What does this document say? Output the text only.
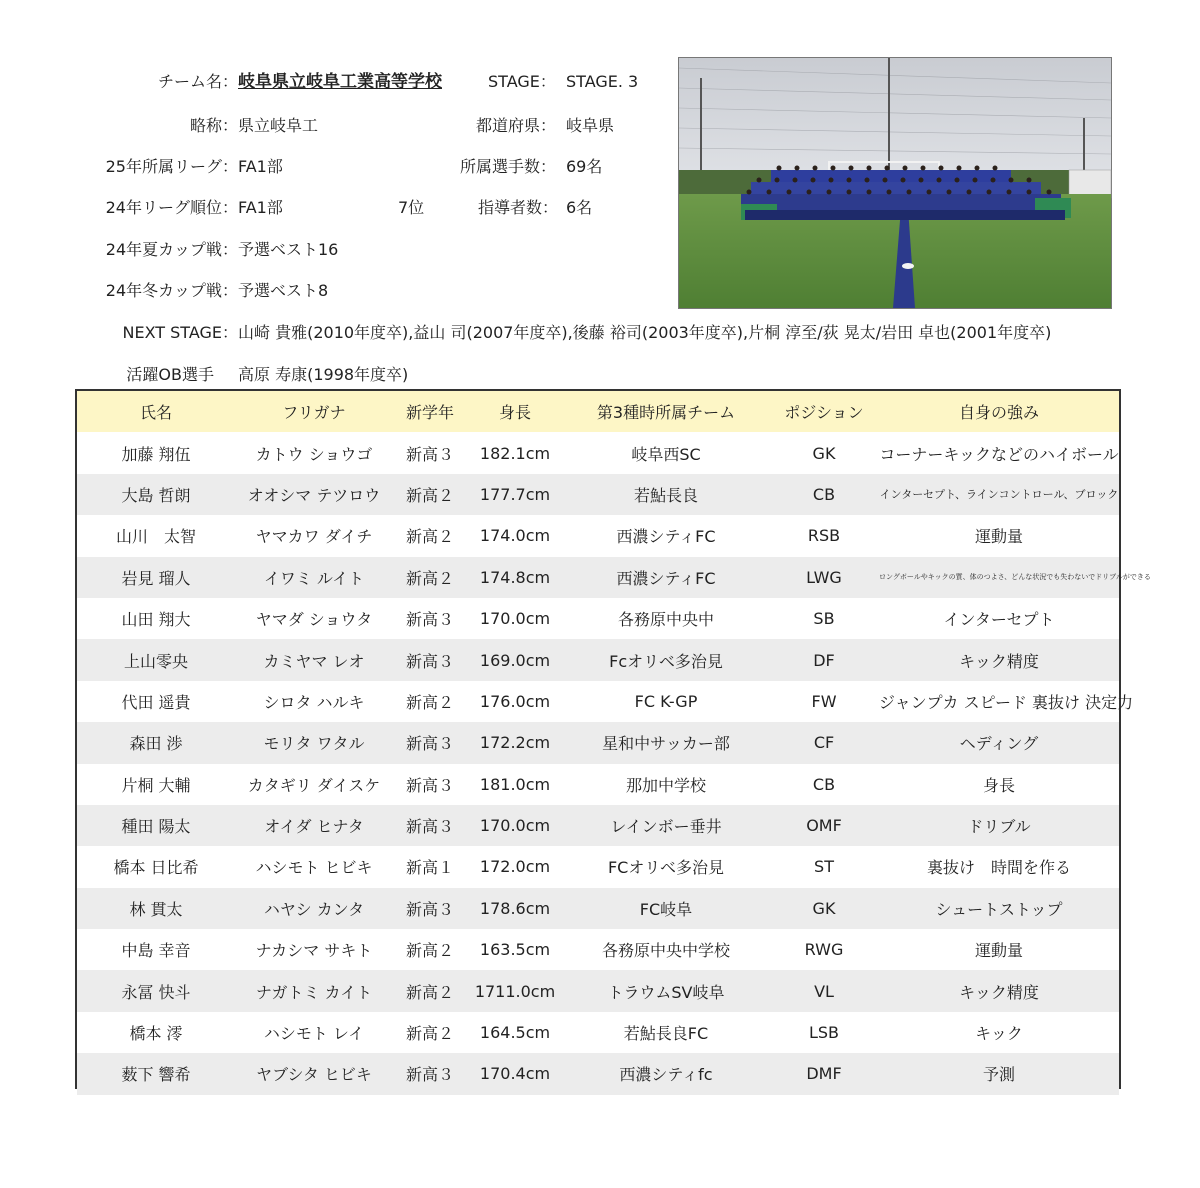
チーム名： 岐阜県立岐阜工業高等学校	STAGE： STAGE. 3
略称： 県立岐阜工	都道府県： 岐阜県
25年所属リーグ： FA1部	所属選手数： 69名
24年リーグ順位： FA1部	7位	指導者数： 6名
24年夏カップ戦： 予選ベスト16
24年冬カップ戦： 予選ベスト8
NEXT STAGE： 山崎 貴雅(2010年度卒),益山 司(2007年度卒),後藤 裕司(2003年度卒),片桐 淳至/荻 晃太/岩田 卓也(2001年度卒)
活躍OB選手 高原 寿康(1998年度卒)
氏名	フリガナ	新学年	身長	第3種時所属チーム	ポジション	自身の強み
加藤 翔伍	カトウ ショウゴ	新高３	182.1cm	岐阜西SC	GK	コーナーキックなどのハイボール
大島 哲朗	オオシマ テツロウ	新高２	177.7cm	若鮎長良	CB	インターセプト、ラインコントロール、ブロック
山川　太智	ヤマカワ ダイチ	新高２	174.0cm	西濃シティFC	RSB	運動量
岩見 瑠人	イワミ ルイト	新高２	174.8cm	西濃シティFC	LWG	ロングボールやキックの質、体のつよさ、どんな状況でも失わないでドリブルができる
山田 翔大	ヤマダ ショウタ	新高３	170.0cm	各務原中央中	SB	インターセプト
上山零央	カミヤマ レオ	新高３	169.0cm	Fcオリベ多治見	DF	キック精度
代田 遥貴	シロタ ハルキ	新高２	176.0cm	FC K-GP	FW	ジャンプカ スピード 裏抜け 決定力
森田 渉	モリタ ワタル	新高３	172.2cm	星和中サッカー部	CF	ヘディング
片桐 大輔	カタギリ ダイスケ	新高３	181.0cm	那加中学校	CB	身長
種田 陽太	オイダ ヒナタ	新高３	170.0cm	レインボー垂井	OMF	ドリブル
橋本 日比希	ハシモト ヒビキ	新高１	172.0cm	FCオリベ多治見	ST	裏抜け　時間を作る
林 貫太	ハヤシ カンタ	新高３	178.6cm	FC岐阜	GK	シュートストップ
中島 幸音	ナカシマ サキト	新高２	163.5cm	各務原中央中学校	RWG	運動量
永冨 快斗	ナガトミ カイト	新高２	1711.0cm	トラウムSV岐阜	VL	キック精度
橋本 澪	ハシモト レイ	新高２	164.5cm	若鮎長良FC	LSB	キック
薮下 響希	ヤブシタ ヒビキ	新高３	170.4cm	西濃シティfc	DMF	予測
